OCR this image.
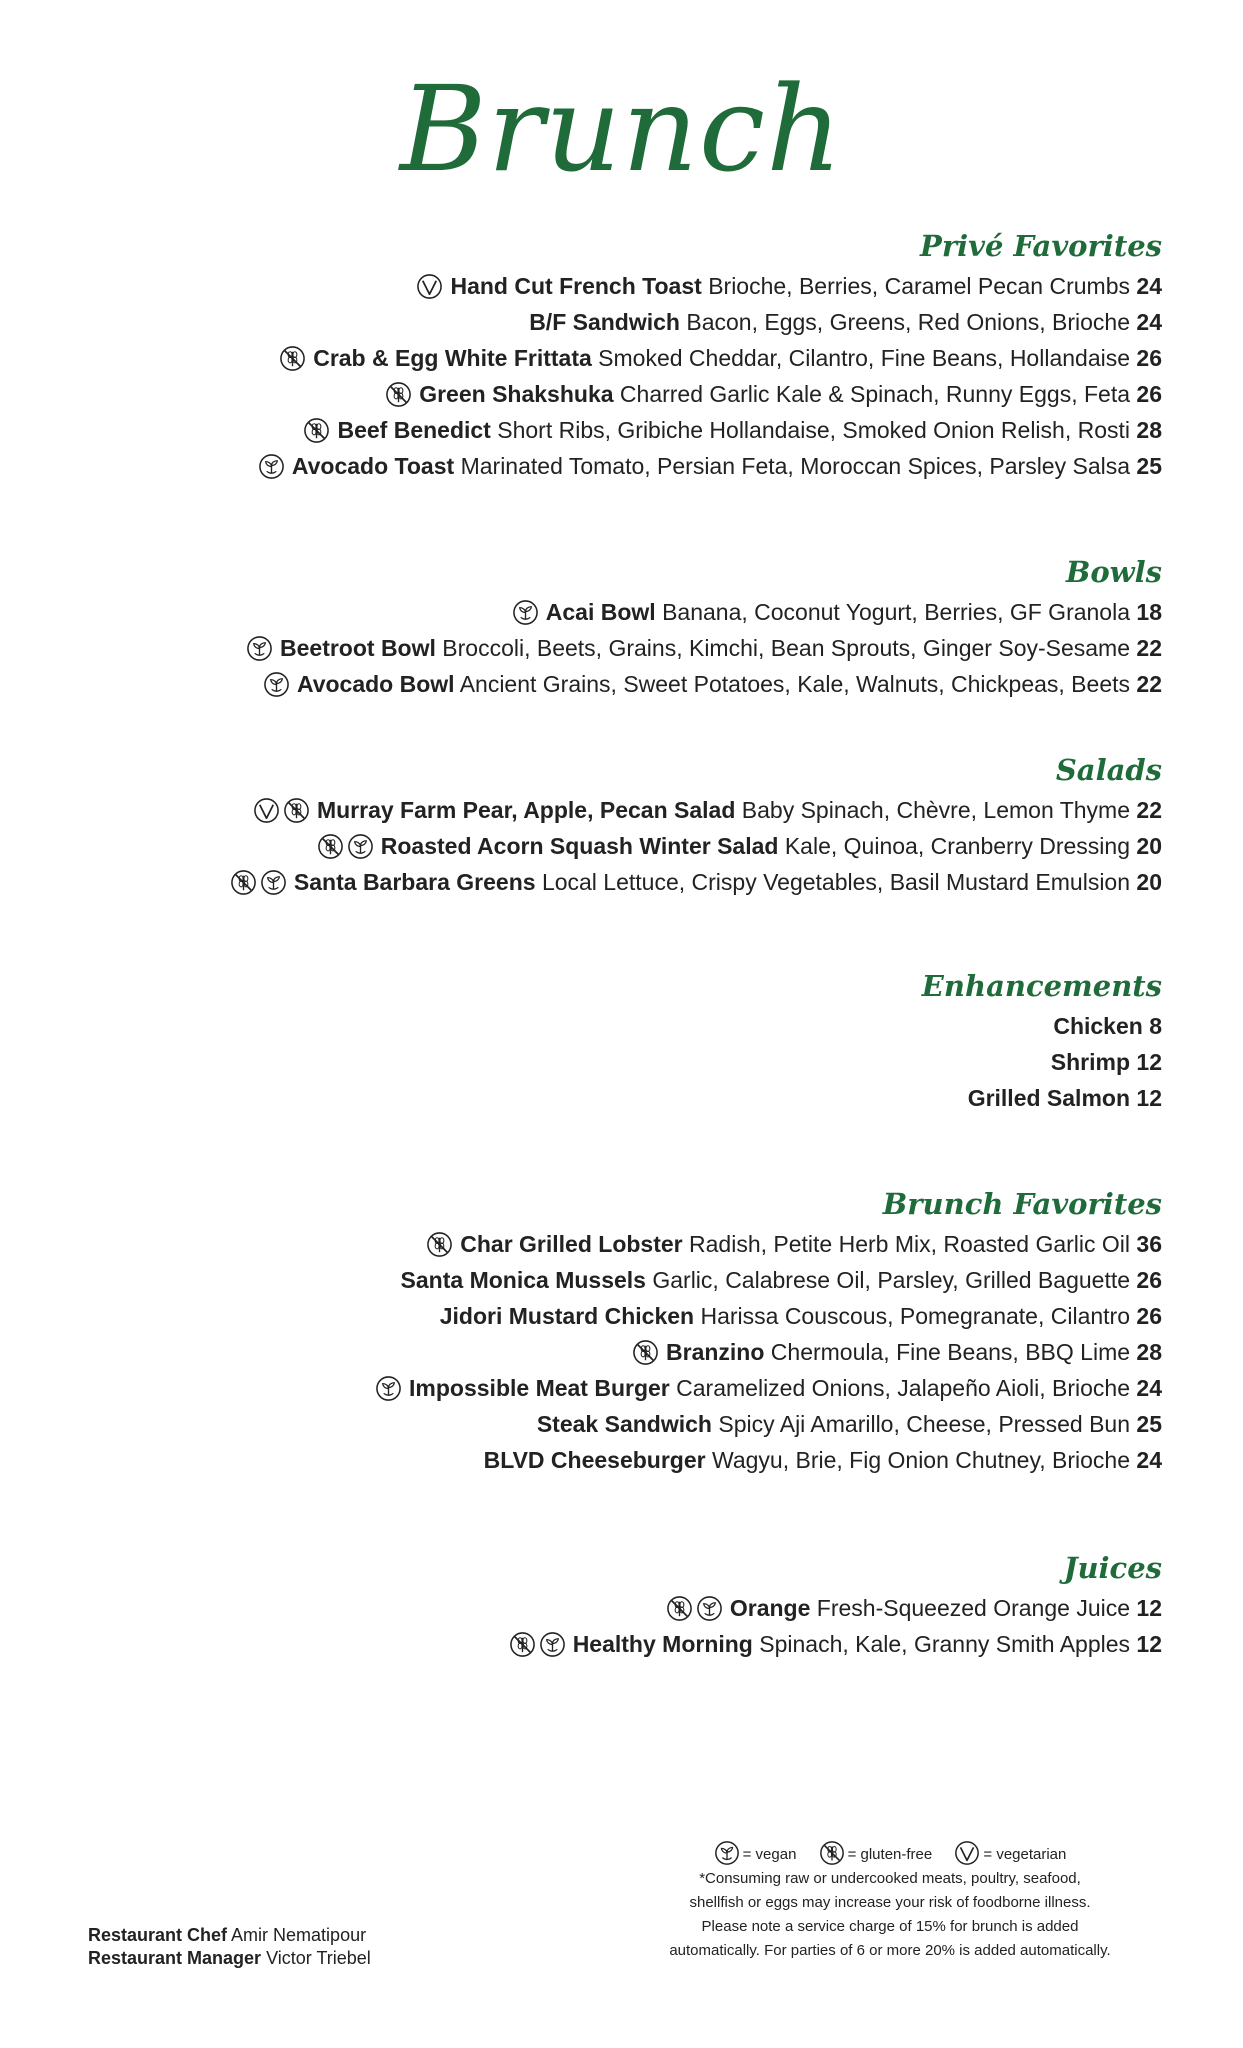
Brunch
Privé Favorites
Hand Cut French Toast Brioche, Berries, Caramel Pecan Crumbs 24
B/F Sandwich Bacon, Eggs, Greens, Red Onions, Brioche 24
Crab & Egg White Frittata Smoked Cheddar, Cilantro, Fine Beans, Hollandaise 26
Green Shakshuka Charred Garlic Kale & Spinach, Runny Eggs, Feta 26
Beef Benedict Short Ribs, Gribiche Hollandaise, Smoked Onion Relish, Rosti 28
Avocado Toast Marinated Tomato, Persian Feta, Moroccan Spices, Parsley Salsa 25
Bowls
Acai Bowl Banana, Coconut Yogurt, Berries, GF Granola 18
Beetroot Bowl Broccoli, Beets, Grains, Kimchi, Bean Sprouts, Ginger Soy-Sesame 22
Avocado Bowl Ancient Grains, Sweet Potatoes, Kale, Walnuts, Chickpeas, Beets 22
Salads
Murray Farm Pear, Apple, Pecan Salad Baby Spinach, Chèvre, Lemon Thyme 22
Roasted Acorn Squash Winter Salad Kale, Quinoa, Cranberry Dressing 20
Santa Barbara Greens Local Lettuce, Crispy Vegetables, Basil Mustard Emulsion 20
Enhancements
Chicken 8
Shrimp 12
Grilled Salmon 12
Brunch Favorites
Char Grilled Lobster Radish, Petite Herb Mix, Roasted Garlic Oil 36
Santa Monica Mussels Garlic, Calabrese Oil, Parsley, Grilled Baguette 26
Jidori Mustard Chicken Harissa Couscous, Pomegranate, Cilantro 26
Branzino Chermoula, Fine Beans, BBQ Lime 28
Impossible Meat Burger Caramelized Onions, Jalapeño Aioli, Brioche 24
Steak Sandwich Spicy Aji Amarillo, Cheese, Pressed Bun 25
BLVD Cheeseburger Wagyu, Brie, Fig Onion Chutney, Brioche 24
Juices
Orange Fresh-Squeezed Orange Juice 12
Healthy Morning Spinach, Kale, Granny Smith Apples 12
= vegan	= gluten-free	= vegetarian
*Consuming raw or undercooked meats, poultry, seafood,
shellfish or eggs may increase your risk of foodborne illness.
Please note a service charge of 15% for brunch is added
automatically. For parties of 6 or more 20% is added automatically.
Restaurant Chef Amir Nematipour
Restaurant Manager Victor Triebel
